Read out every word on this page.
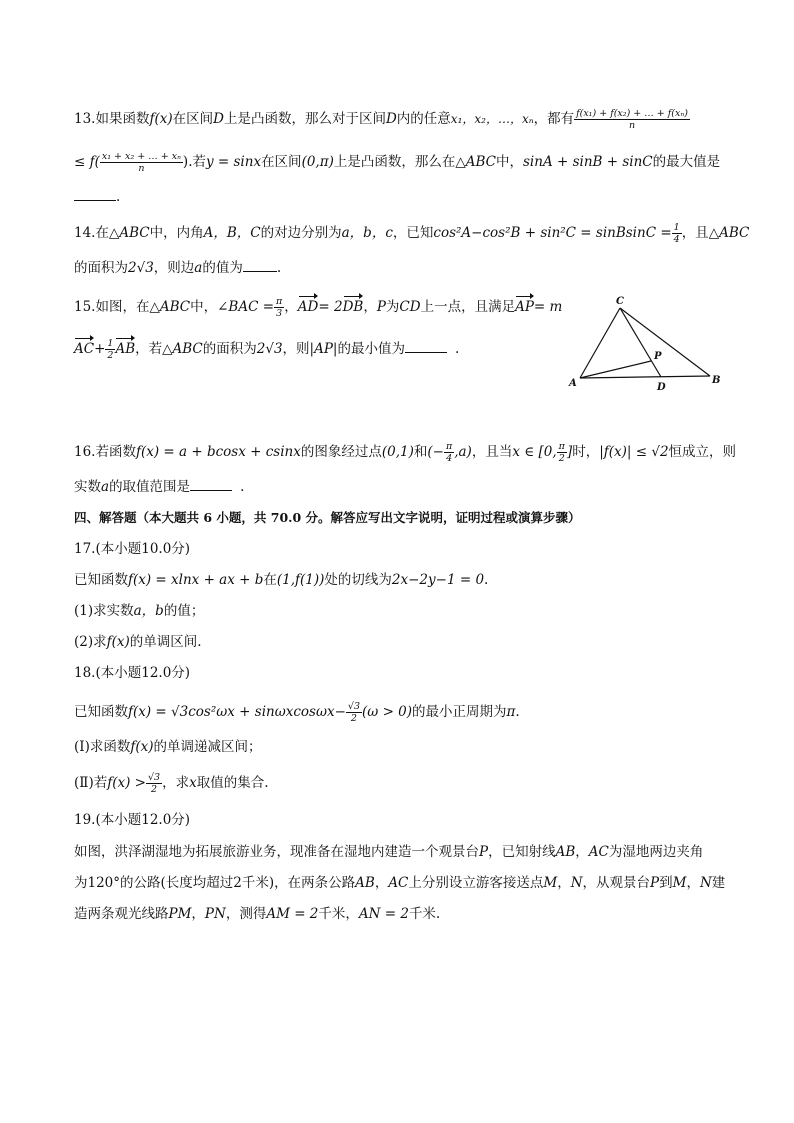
13.如果函数f(x)在区间D上是凸函数，那么对于区间D内的任意x₁，x₂，…，xₙ，都有 $\frac{\text{f(x₁) + f(x₂) + … + f(xₙ)}}{n}$
≤ $f( \frac{\text{x₁ + x₂ + … + xₙ}}{n}$ ).若y = sinx在区间(0,π)上是凸函数，那么在△ABC中，sinA + sinB + sinC的最大值是
.
14.在△ABC中，内角A，B，C的对边分别为a，b，c，已知cos²A−cos²B + sin²C = sinBsinC = $\frac{1}{4}$ ，且△ABC
的面积为2√3，则边a的值为	.
15.如图，在△ABC中，∠BAC = $\frac{\pi}{3}$ ，AD= 2DB，P为CD上一点，且满足AP= m
$AC+ \frac{1}{2}$ AB，若△ABC的面积为2√3，则|AP|的最小值为	.
C
A	B
D
P
16.若函数f(x) = a + bcosx + csinx的图象经过点(0,1)和(− $\frac{\pi}{4} ,a$)，且当x ∈ [0, $\frac{\pi}{2}$ ]时，|f(x)| ≤ √2恒成立，则
实数a的取值范围是	.
四、解答题（本大题共 6 小题，共 70.0 分。解答应写出文字说明，证明过程或演算步骤）
17.(本小题10.0分)
已知函数f(x) = xlnx + ax + b在(1,f(1))处的切线为2x−2y−1 = 0.
(1)求实数a，b的值；
(2)求f(x)的单调区间.
18.(本小题12.0分)
已知函数$f(x) = √3\cos^2\omega x + \sin\omega xcos\omega x- \frac{√3}{2} (\omega > 0)$的最小正周期为π.
(Ⅰ)求函数f(x)的单调递减区间；
(Ⅱ)若$f(x) > \frac{√3}{2}$ ，求x取值的集合.
19.(本小题12.0分)
如图，洪泽湖湿地为拓展旅游业务，现准备在湿地内建造一个观景台P，已知射线AB，AC为湿地两边夹角
为120°的公路(长度均超过2千米)，在两条公路AB，AC上分别设立游客接送点M，N，从观景台P到M，N建
造两条观光线路PM，PN，测得AM = 2千米，AN = 2千米.
